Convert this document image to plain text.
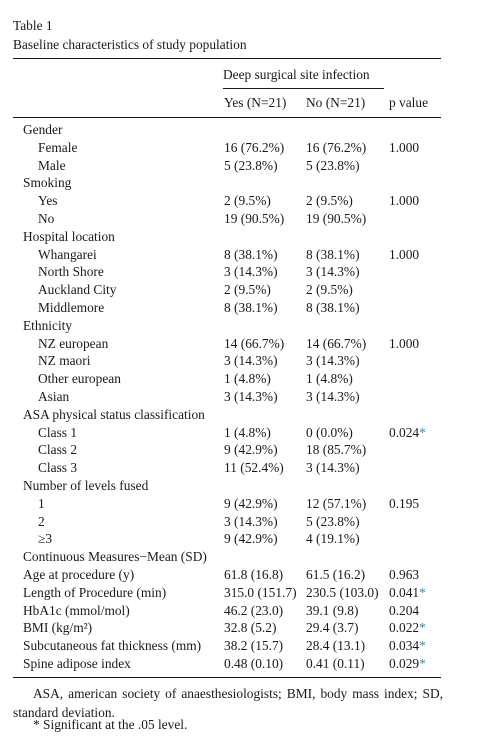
Table 1
Baseline characteristics of study population
Deep surgical site infection
Yes (N=21) No (N=21) p value
Gender
Female	16 (76.2%) 16 (76.2%) 1.000
Male	5 (23.8%) 5 (23.8%)
Smoking
Yes	2 (9.5%)	2 (9.5%)	1.000
No	19 (90.5%) 19 (90.5%)
Hospital location
Whangarei	8 (38.1%) 8 (38.1%) 1.000
North Shore	3 (14.3%) 3 (14.3%)
Auckland City	2 (9.5%)	2 (9.5%)
Middlemore	8 (38.1%) 8 (38.1%)
Ethnicity
NZ european	14 (66.7%) 14 (66.7%) 1.000
NZ maori	3 (14.3%) 3 (14.3%)
Other european	1 (4.8%)	1 (4.8%)
Asian	3 (14.3%) 3 (14.3%)
ASA physical status classification
Class 1	1 (4.8%)	0 (0.0%)	0.024*
Class 2	9 (42.9%) 18 (85.7%)
Class 3	11 (52.4%) 3 (14.3%)
Number of levels fused
1	9 (42.9%) 12 (57.1%) 0.195
2	3 (14.3%) 5 (23.8%)
≥3	9 (42.9%) 4 (19.1%)
Continuous Measures−Mean (SD)
Age at procedure (y)	61.8 (16.8) 61.5 (16.2) 0.963
Length of Procedure (min)	315.0 (151.7) 230.5 (103.0) 0.041*
HbA1c (mmol/mol)	46.2 (23.0) 39.1 (9.8) 0.204
BMI (kg/m²)	32.8 (5.2) 29.4 (3.7) 0.022*
Subcutaneous fat thickness (mm) 38.2 (15.7) 28.4 (13.1) 0.034*
Spine adipose index	0.48 (0.10) 0.41 (0.11) 0.029*
ASA, american society of anaesthesiologists; BMI, body mass index; SD, standard deviation.
* Significant at the .05 level.
